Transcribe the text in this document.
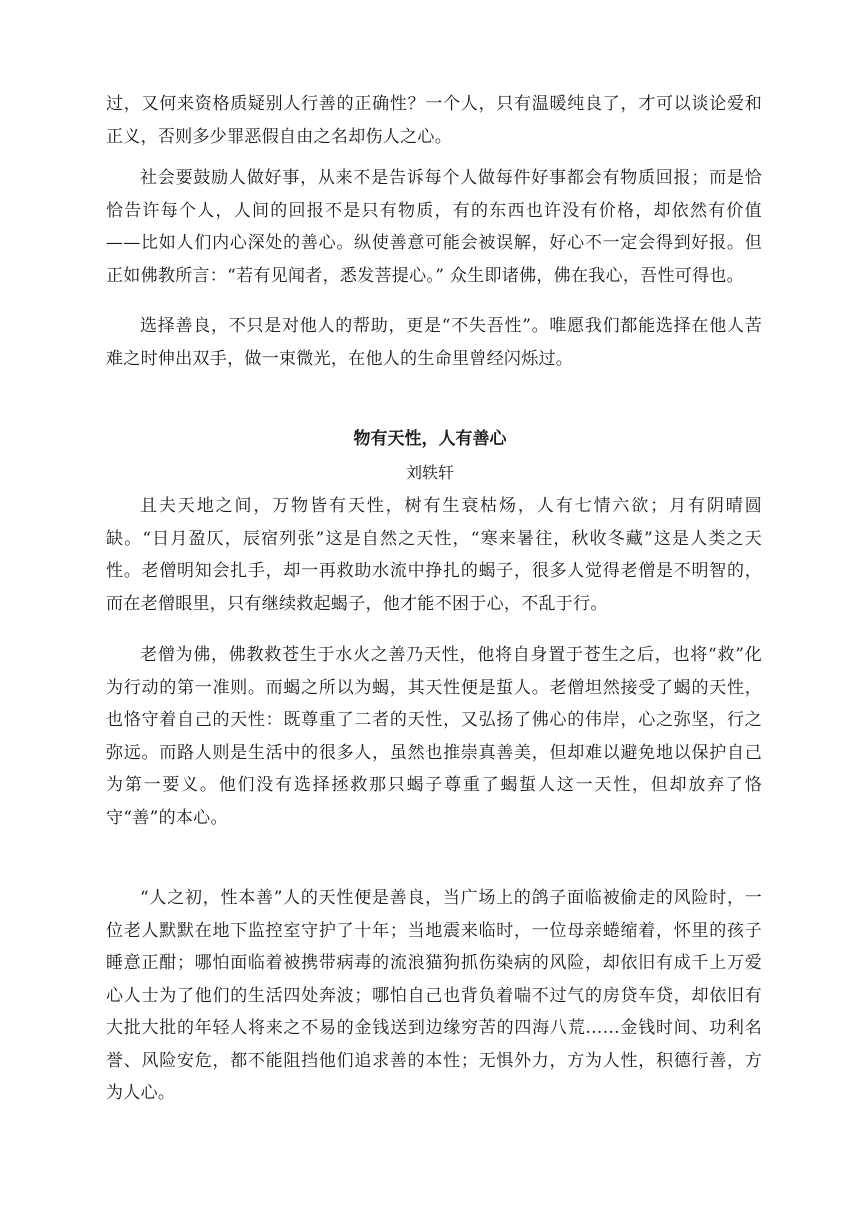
过，又何来资格质疑别人行善的正确性？一个人，只有温暖纯良了，才可以谈论爱和正义，否则多少罪恶假自由之名却伤人之心。

社会要鼓励人做好事，从来不是告诉每个人做每件好事都会有物质回报；而是恰恰告许每个人，人间的回报不是只有物质，有的东西也许没有价格，却依然有价值——比如人们内心深处的善心。纵使善意可能会被误解，好心不一定会得到好报。但正如佛教所言：“若有见闻者，悉发菩提心。” 众生即诸佛，佛在我心，吾性可得也。

选择善良，不只是对他人的帮助，更是“不失吾性”。唯愿我们都能选择在他人苦难之时伸出双手，做一束微光，在他人的生命里曾经闪烁过。

物有天性，人有善心
刘轶轩

且夫天地之间，万物皆有天性，树有生衰枯炀，人有七情六欲；月有阴晴圆缺。“日月盈仄，辰宿列张”这是自然之天性，“寒来暑往，秋收冬藏”这是人类之天性。老僧明知会扎手，却一再救助水流中挣扎的蝎子，很多人觉得老僧是不明智的，而在老僧眼里，只有继续救起蝎子，他才能不困于心，不乱于行。

老僧为佛，佛教救苍生于水火之善乃天性，他将自身置于苍生之后，也将“救”化为行动的第一准则。而蝎之所以为蝎，其天性便是蜇人。老僧坦然接受了蝎的天性，也恪守着自己的天性：既尊重了二者的天性，又弘扬了佛心的伟岸，心之弥坚，行之弥远。而路人则是生活中的很多人，虽然也推崇真善美，但却难以避免地以保护自己为第一要义。他们没有选择拯救那只蝎子尊重了蝎蜇人这一天性，但却放弃了恪守“善”的本心。

“人之初，性本善”人的天性便是善良，当广场上的鸽子面临被偷走的风险时，一位老人默默在地下监控室守护了十年；当地震来临时，一位母亲蜷缩着，怀里的孩子睡意正酣；哪怕面临着被携带病毒的流浪猫狗抓伤染病的风险，却依旧有成千上万爱心人士为了他们的生活四处奔波；哪怕自己也背负着喘不过气的房贷车贷，却依旧有大批大批的年轻人将来之不易的金钱送到边缘穷苦的四海八荒……金钱时间、功利名誉、风险安危，都不能阻挡他们追求善的本性；无惧外力，方为人性，积德行善，方为人心。
